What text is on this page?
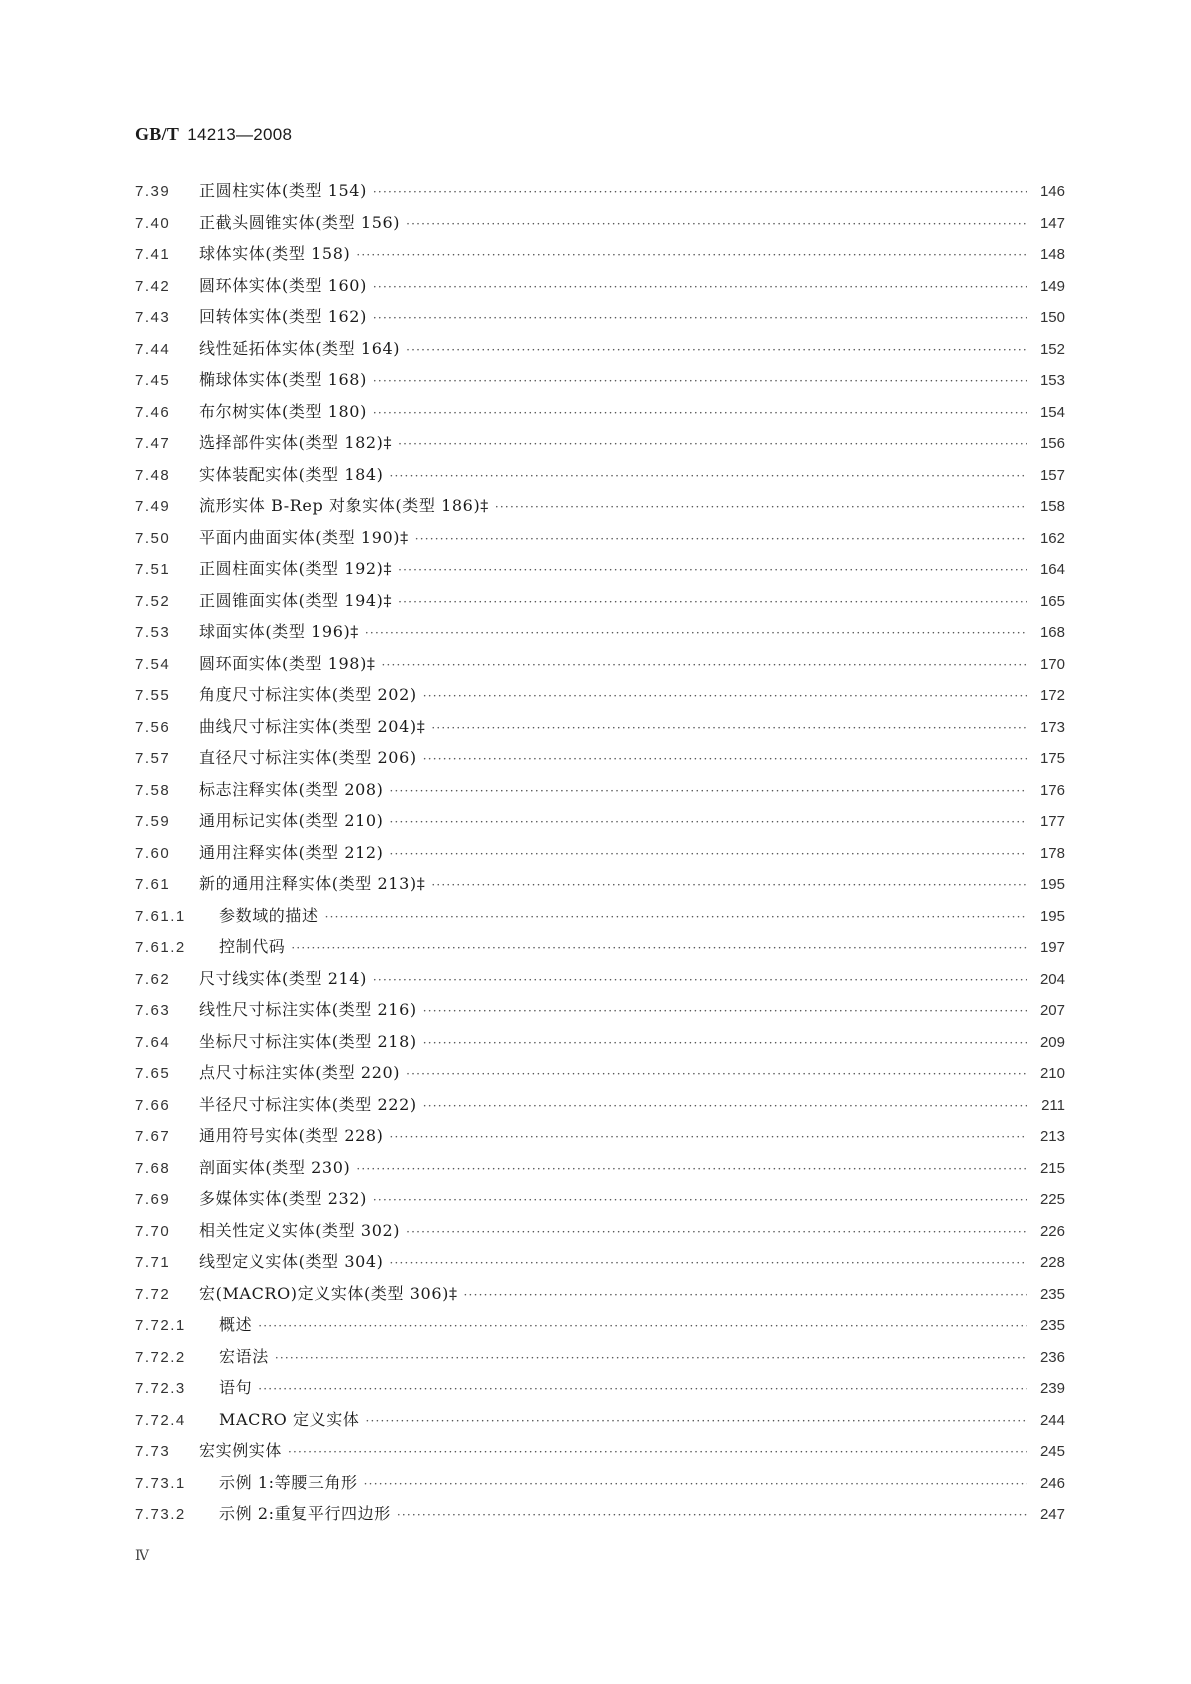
GB/T 14213—2008
7.39	正圆柱实体(类型 154) ·····	146
7.40	正截头圆锥实体(类型 156) ·····	147
7.41	球体实体(类型 158) ·····	148
7.42	圆环体实体(类型 160) ·····	149
7.43	回转体实体(类型 162) ·····	150
7.44	线性延拓体实体(类型 164) ·····	152
7.45	椭球体实体(类型 168) ·····	153
7.46	布尔树实体(类型 180) ·····	154
7.47	选择部件实体(类型 182)‡ ·····	156
7.48	实体装配实体(类型 184) ·····	157
7.49	流形实体 B-Rep 对象实体(类型 186)‡ ·····	158
7.50	平面内曲面实体(类型 190)‡ ·····	162
7.51	正圆柱面实体(类型 192)‡ ·····	164
7.52	正圆锥面实体(类型 194)‡ ·····	165
7.53	球面实体(类型 196)‡ ·····	168
7.54	圆环面实体(类型 198)‡ ·····	170
7.55	角度尺寸标注实体(类型 202) ·····	172
7.56	曲线尺寸标注实体(类型 204)‡ ·····	173
7.57	直径尺寸标注实体(类型 206) ·····	175
7.58	标志注释实体(类型 208) ·····	176
7.59	通用标记实体(类型 210) ·····	177
7.60	通用注释实体(类型 212) ·····	178
7.61	新的通用注释实体(类型 213)‡ ·····	195
7.61.1	参数域的描述 ·····	195
7.61.2	控制代码 ·····	197
7.62	尺寸线实体(类型 214) ·····	204
7.63	线性尺寸标注实体(类型 216) ·····	207
7.64	坐标尺寸标注实体(类型 218) ·····	209
7.65	点尺寸标注实体(类型 220) ·····	210
7.66	半径尺寸标注实体(类型 222) ·····	211
7.67	通用符号实体(类型 228) ·····	213
7.68	剖面实体(类型 230) ·····	215
7.69	多媒体实体(类型 232) ·····	225
7.70	相关性定义实体(类型 302) ·····	226
7.71	线型定义实体(类型 304) ·····	228
7.72	宏(MACRO)定义实体(类型 306)‡ ·····	235
7.72.1	概述 ·····	235
7.72.2	宏语法 ·····	236
7.72.3	语句 ·····	239
7.72.4	MACRO 定义实体 ·····	244
7.73	宏实例实体 ·····	245
7.73.1	示例 1:等腰三角形 ·····	246
7.73.2	示例 2:重复平行四边形 ·····	247
Ⅳ
